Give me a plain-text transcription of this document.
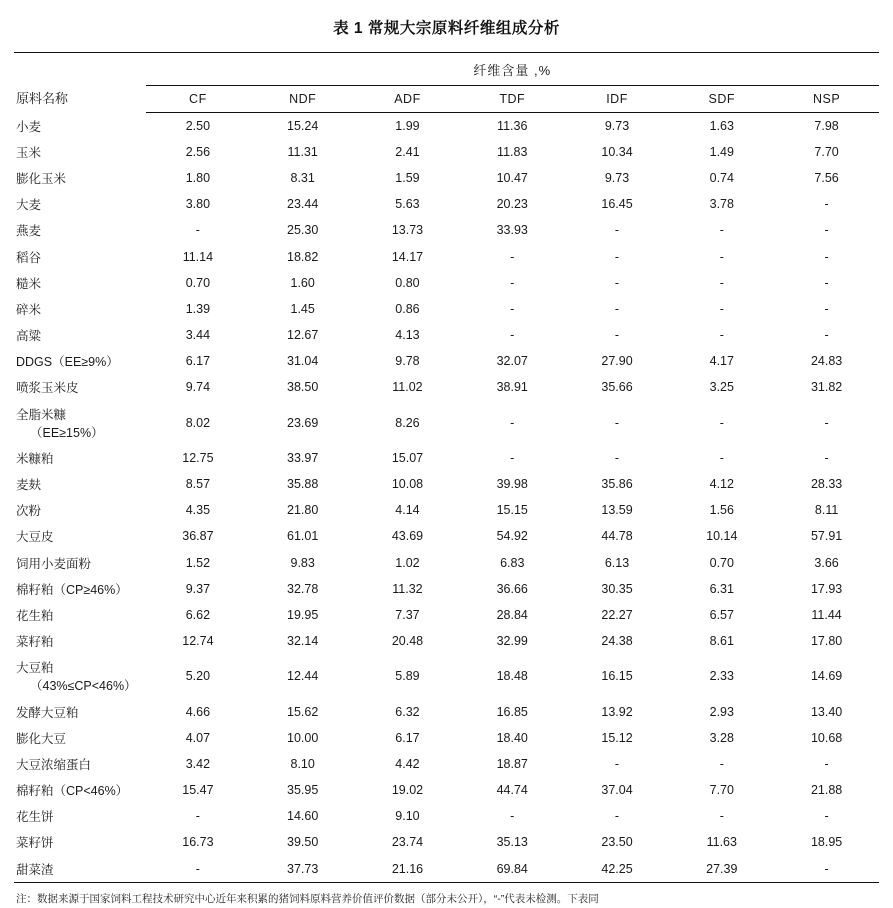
表 1 常规大宗原料纤维组成分析

原料名称	纤维含量 ,%						
	CF	NDF	ADF	TDF	IDF	SDF	NSP
小麦	2.50	15.24	1.99	11.36	9.73	1.63	7.98
玉米	2.56	11.31	2.41	11.83	10.34	1.49	7.70
膨化玉米	1.80	8.31	1.59	10.47	9.73	0.74	7.56
大麦	3.80	23.44	5.63	20.23	16.45	3.78	-
燕麦	-	25.30	13.73	33.93	-	-	-
稻谷	11.14	18.82	14.17	-	-	-	-
糙米	0.70	1.60	0.80	-	-	-	-
碎米	1.39	1.45	0.86	-	-	-	-
高粱	3.44	12.67	4.13	-	-	-	-
DDGS（EE≥9%）	6.17	31.04	9.78	32.07	27.90	4.17	24.83
喷浆玉米皮	9.74	38.50	11.02	38.91	35.66	3.25	31.82
全脂米糠
（EE≥15%）	8.02	23.69	8.26	-	-	-	-
米糠粕	12.75	33.97	15.07	-	-	-	-
麦麸	8.57	35.88	10.08	39.98	35.86	4.12	28.33
次粉	4.35	21.80	4.14	15.15	13.59	1.56	8.11
大豆皮	36.87	61.01	43.69	54.92	44.78	10.14	57.91
饲用小麦面粉	1.52	9.83	1.02	6.83	6.13	0.70	3.66
棉籽粕（CP≥46%）	9.37	32.78	11.32	36.66	30.35	6.31	17.93
花生粕	6.62	19.95	7.37	28.84	22.27	6.57	11.44
菜籽粕	12.74	32.14	20.48	32.99	24.38	8.61	17.80
大豆粕
（43%≤CP<46%）	5.20	12.44	5.89	18.48	16.15	2.33	14.69
发酵大豆粕	4.66	15.62	6.32	16.85	13.92	2.93	13.40
膨化大豆	4.07	10.00	6.17	18.40	15.12	3.28	10.68
大豆浓缩蛋白	3.42	8.10	4.42	18.87	-	-	-
棉籽粕（CP<46%）	15.47	35.95	19.02	44.74	37.04	7.70	21.88
花生饼	-	14.60	9.10	-	-	-	-
菜籽饼	16.73	39.50	23.74	35.13	23.50	11.63	18.95
甜菜渣	-	37.73	21.16	69.84	42.25	27.39	-

注：数据来源于国家饲料工程技术研究中心近年来积累的猪饲料原料营养价值评价数据（部分未公开），“-”代表未检测。下表同
